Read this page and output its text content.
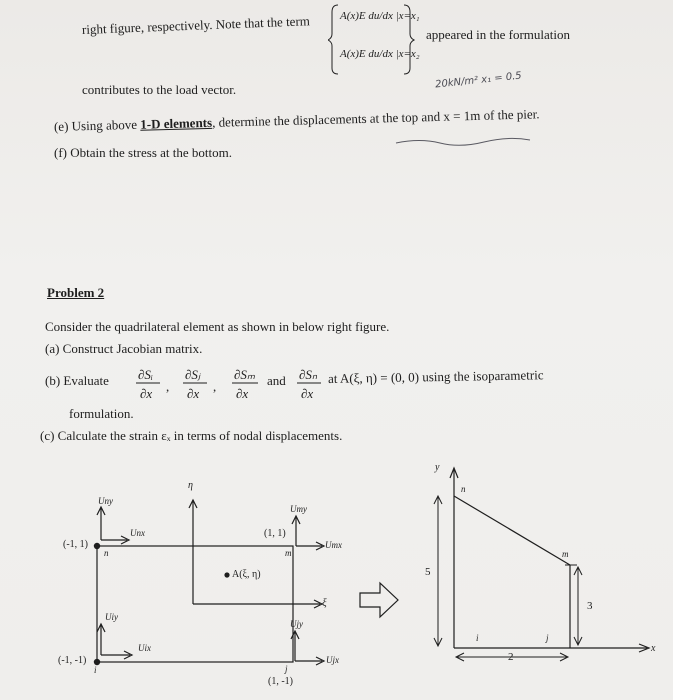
right figure, respectively. Note that the term	A(x)E du/dx |x=x₁
A(x)E du/dx |x=x₂
appeared in the formulation
contributes to the load vector.	20kN/m² x₁ = 0.5
(e) Using above 1-D elements, determine the displacements at the top and x = 1m of the pier.
(f) Obtain the stress at the bottom.
Problem 2
Consider the quadrilateral element as shown in below right figure.
(a) Construct Jacobian matrix.
(b) Evaluate ∂Sᵢ
∂x ,
∂Sⱼ
∂x ,
∂Sₘ
∂x
∂Sₙ
∂x
and	at A(ξ, η) = (0, 0) using the isoparametric
formulation.
(c) Calculate the strain εₓ in terms of nodal displacements.
η
ξ
(-1, 1)
(-1, -1)
(1, 1)
(1, -1)
A(ξ, η)
n	m
i	j
Uny
Unx
Uiy
Uix
Umy
Umx
Ujy
Ujx
y
x
n
m
i	j
5
3
2
